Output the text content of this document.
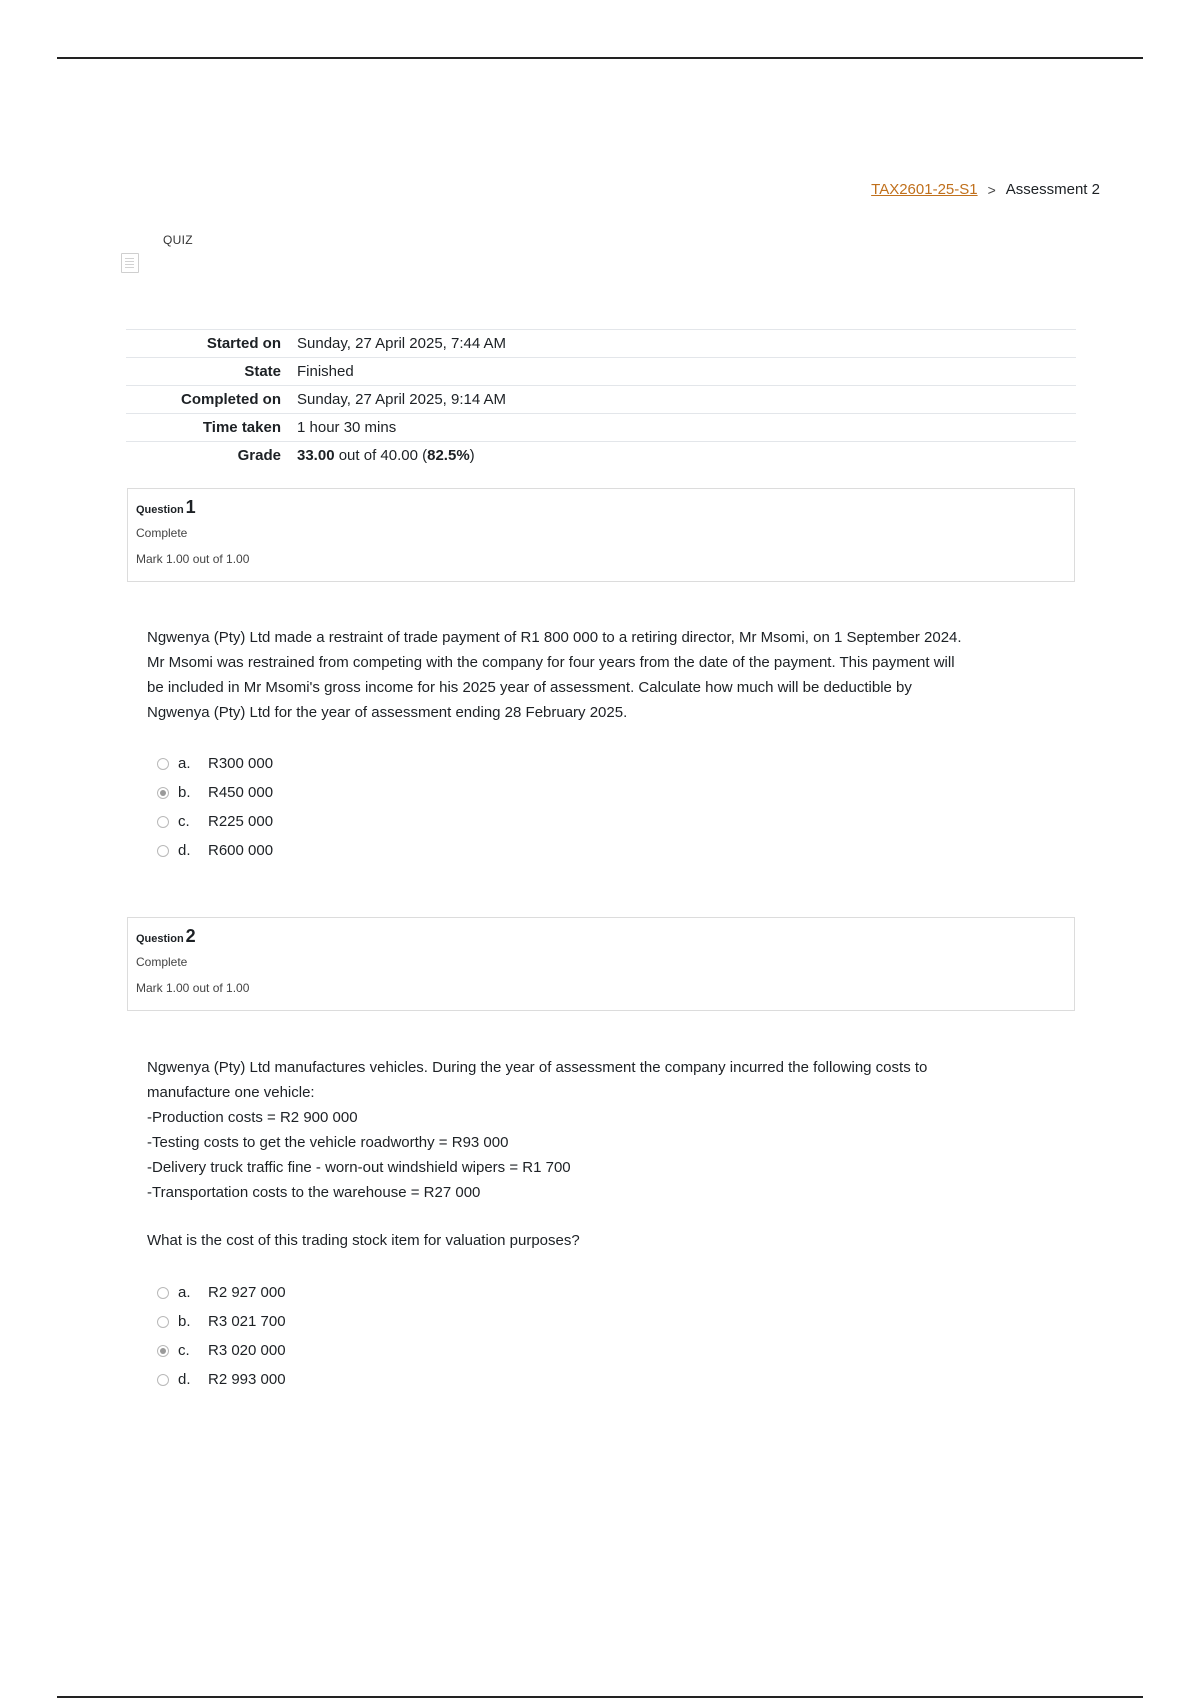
TAX2601-25-S1 > Assessment 2
QUIZ
Started on	Sunday, 27 April 2025, 7:44 AM
State	Finished
Completed on	Sunday, 27 April 2025, 9:14 AM
Time taken	1 hour 30 mins
Grade	33.00 out of 40.00 (82.5%)
Question 1
Complete
Mark 1.00 out of 1.00

Ngwenya (Pty) Ltd made a restraint of trade payment of R1 800 000 to a retiring director, Mr Msomi, on 1 September 2024.

Mr Msomi was restrained from competing with the company for four years from the date of the payment. This payment will

be included in Mr Msomi's gross income for his 2025 year of assessment. Calculate how much will be deductible by

Ngwenya (Pty) Ltd for the year of assessment ending 28 February 2025.

a.	R300 000
b.	R450 000
c.	R225 000
d.	R600 000
Question 2
Complete
Mark 1.00 out of 1.00

Ngwenya (Pty) Ltd manufactures vehicles. During the year of assessment the company incurred the following costs to

manufacture one vehicle:

-Production costs = R2 900 000

-Testing costs to get the vehicle roadworthy = R93 000

-Delivery truck traffic fine - worn-out windshield wipers = R1 700

-Transportation costs to the warehouse = R27 000

What is the cost of this trading stock item for valuation purposes?

a.	R2 927 000
b.	R3 021 700
c.	R3 020 000
d.	R2 993 000
